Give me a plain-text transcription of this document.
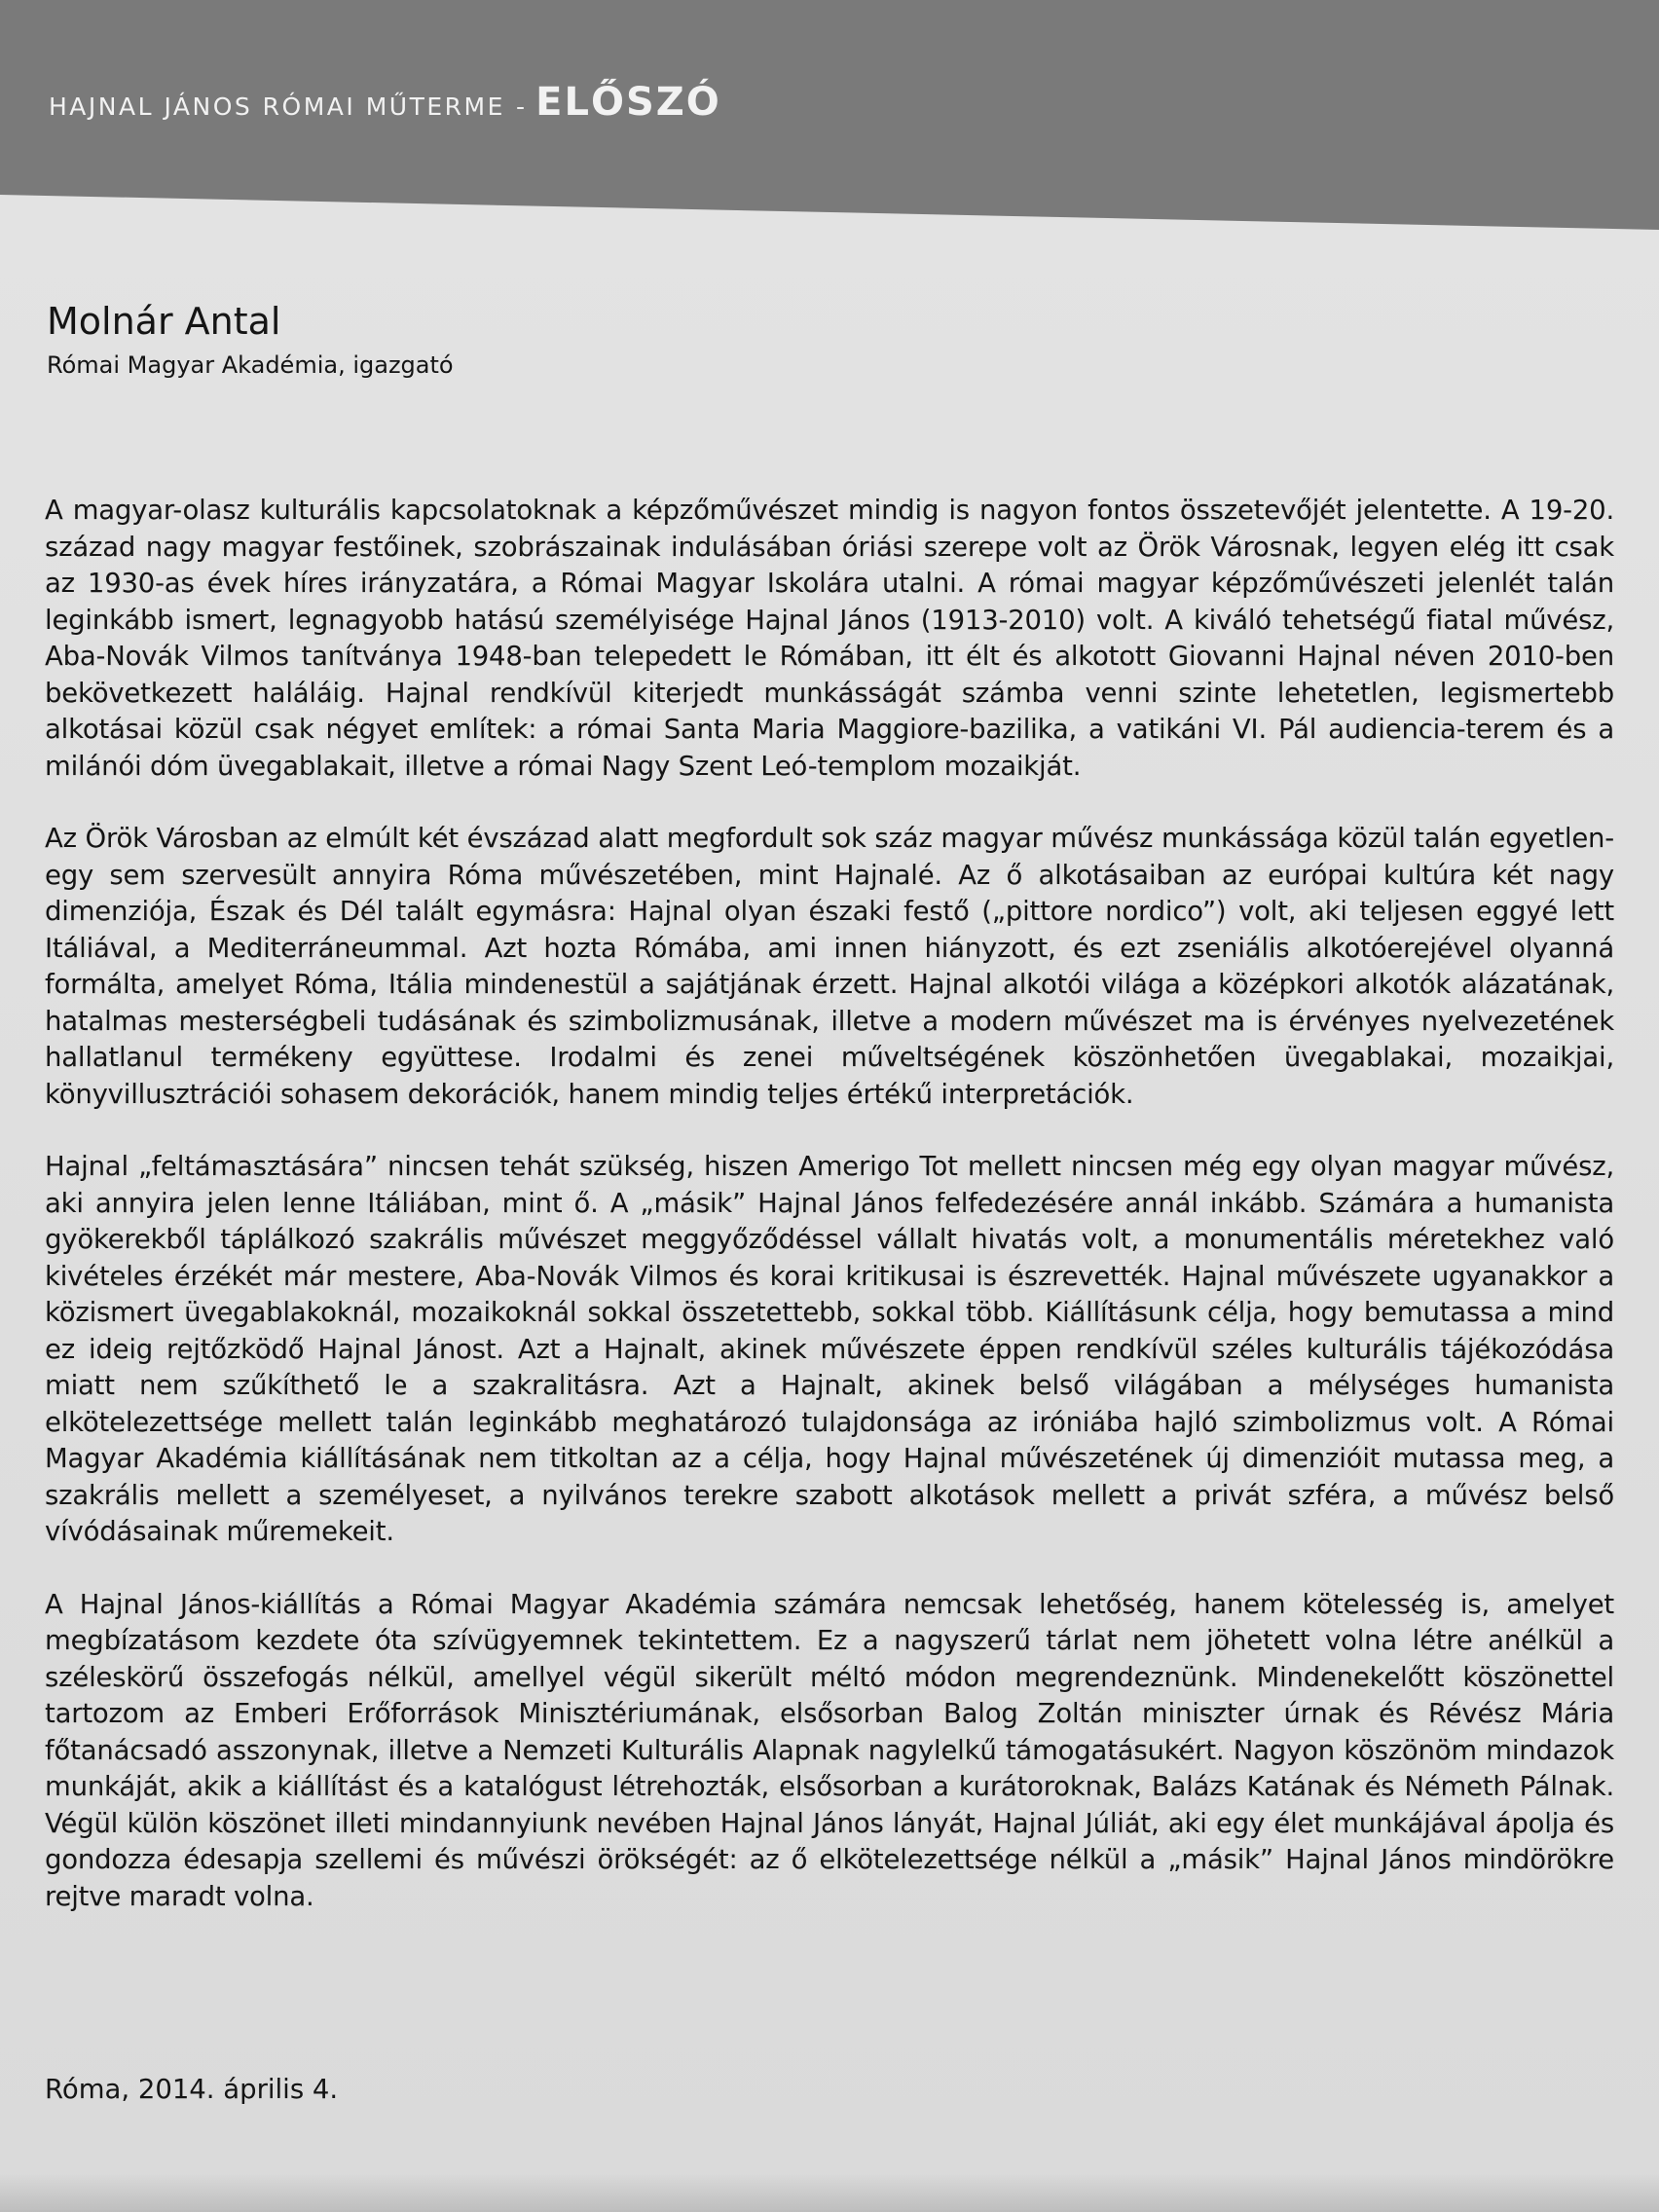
HAJNAL JÁNOS RÓMAI MŰTERME - ELŐSZÓ
Molnár Antal
Római Magyar Akadémia, igazgató

A magyar-olasz kulturális kapcsolatoknak a képzőművészet mindig is nagyon fontos összetevőjét jelentette. A 19-20. század nagy magyar festőinek, szobrászainak indulásában óriási szerepe volt az Örök Városnak, legyen elég itt csak az 1930-as évek híres irányzatára, a Római Magyar Iskolára utalni. A római magyar képzőművészeti jelenlét talán leginkább ismert, legnagyobb hatású személyisége Hajnal János (1913-2010) volt. A kiváló tehetségű fiatal művész, Aba-Novák Vilmos tanítványa 1948-ban telepedett le Rómában, itt élt és alkotott Giovanni Hajnal néven 2010-ben bekövetkezett haláláig. Hajnal rendkívül kiterjedt munkásságát számba venni szinte lehetetlen, legismertebb alkotásai közül csak négyet említek: a római Santa Maria Maggiore-bazilika, a vatikáni VI. Pál audiencia-terem és a milánói dóm üvegablakait, illetve a római Nagy Szent Leó-templom mozaikját.

Az Örök Városban az elmúlt két évszázad alatt megfordult sok száz magyar művész munkássága közül talán egyetlen-egy sem szervesült annyira Róma művészetében, mint Hajnalé. Az ő alkotásaiban az európai kultúra két nagy dimenziója, Észak és Dél talált egymásra: Hajnal olyan északi festő („pittore nordico”) volt, aki teljesen eggyé lett Itáliával, a Mediterráneummal. Azt hozta Rómába, ami innen hiányzott, és ezt zseniális alkotóerejével olyanná formálta, amelyet Róma, Itália mindenestül a sajátjának érzett. Hajnal alkotói világa a középkori alkotók alázatának, hatalmas mesterségbeli tudásának és szimbolizmusának, illetve a modern művészet ma is érvényes nyelvezetének hallatlanul termékeny együttese. Irodalmi és zenei műveltségének köszönhetően üvegablakai, mozaikjai, könyvillusztrációi sohasem dekorációk, hanem mindig teljes értékű interpretációk.

Hajnal „feltámasztására” nincsen tehát szükség, hiszen Amerigo Tot mellett nincsen még egy olyan magyar művész, aki annyira jelen lenne Itáliában, mint ő. A „másik” Hajnal János felfedezésére annál inkább. Számára a humanista gyökerekből táplálkozó szakrális művészet meggyőződéssel vállalt hivatás volt, a monumentális méretekhez való kivételes érzékét már mestere, Aba-Novák Vilmos és korai kritikusai is észrevették. Hajnal művészete ugyanakkor a közismert üvegablakoknál, mozaikoknál sokkal összetettebb, sokkal több. Kiállításunk célja, hogy bemutassa a mind ez ideig rejtőzködő Hajnal Jánost. Azt a Hajnalt, akinek művészete éppen rendkívül széles kulturális tájékozódása miatt nem szűkíthető le a szakralitásra. Azt a Hajnalt, akinek belső világában a mélységes humanista elkötelezettsége mellett talán leginkább meghatározó tulajdonsága az iróniába hajló szimbolizmus volt. A Római Magyar Akadémia kiállításának nem titkoltan az a célja, hogy Hajnal művészetének új dimenzióit mutassa meg, a szakrális mellett a személyeset, a nyilvános terekre szabott alkotások mellett a privát szféra, a művész belső vívódásainak műremekeit.

A Hajnal János-kiállítás a Római Magyar Akadémia számára nemcsak lehetőség, hanem kötelesség is, amelyet megbízatásom kezdete óta szívügyemnek tekintettem. Ez a nagyszerű tárlat nem jöhetett volna létre anélkül a széleskörű összefogás nélkül, amellyel végül sikerült méltó módon megrendeznünk. Mindenekelőtt köszönettel tartozom az Emberi Erőforrások Minisztériumának, elsősorban Balog Zoltán miniszter úrnak és Révész Mária főtanácsadó asszonynak, illetve a Nemzeti Kulturális Alapnak nagylelkű támogatásukért. Nagyon köszönöm mindazok munkáját, akik a kiállítást és a katalógust létrehozták, elsősorban a kurátoroknak, Balázs Katának és Németh Pálnak. Végül külön köszönet illeti mindannyiunk nevében Hajnal János lányát, Hajnal Júliát, aki egy élet munkájával ápolja és gondozza édesapja szellemi és művészi örökségét: az ő elkötelezettsége nélkül a „másik” Hajnal János mindörökre rejtve maradt volna.

Róma, 2014. április 4.
